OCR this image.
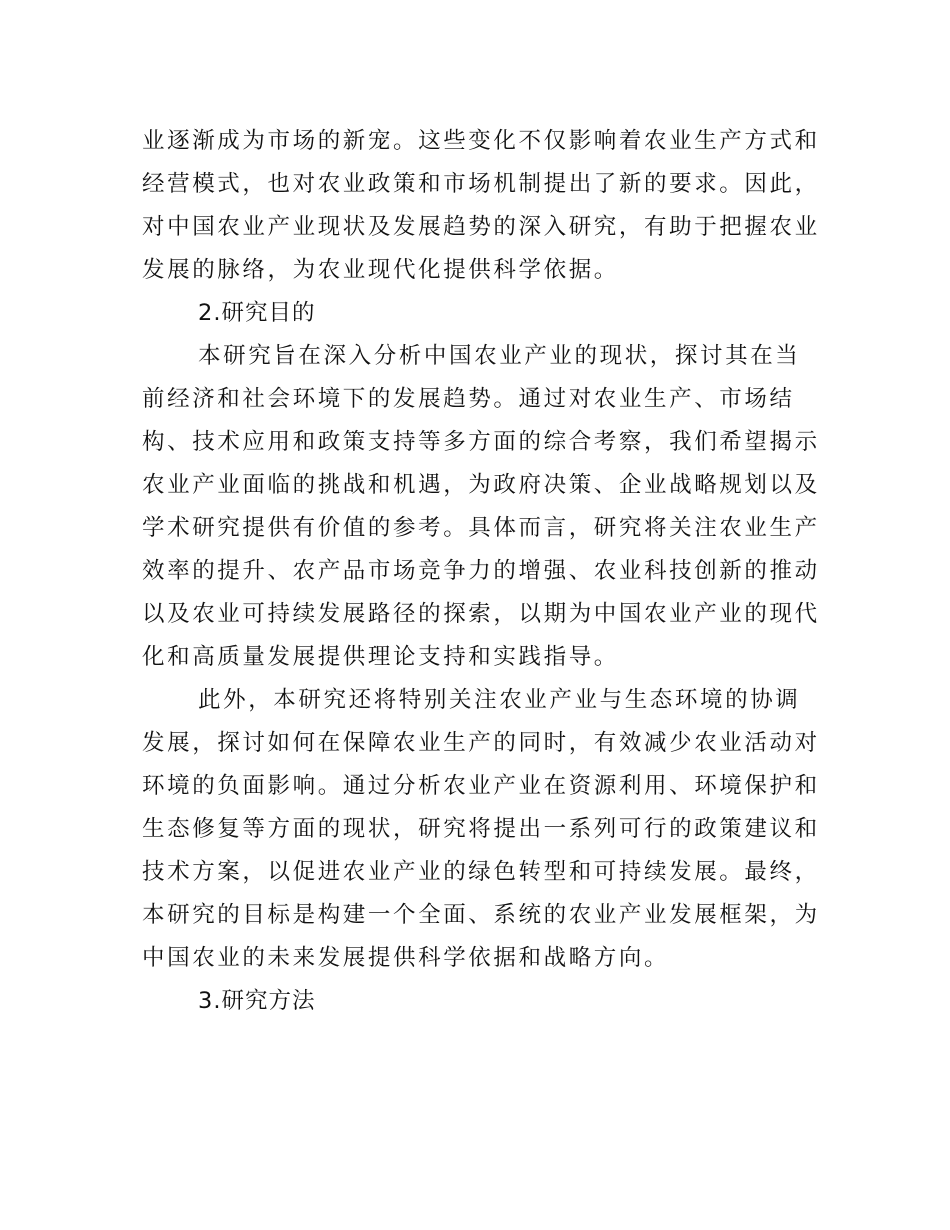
业逐渐成为市场的新宠。这些变化不仅影响着农业生产方式和
经营模式，也对农业政策和市场机制提出了新的要求。因此，
对中国农业产业现状及发展趋势的深入研究，有助于把握农业
发展的脉络，为农业现代化提供科学依据。
2.研究目的
本研究旨在深入分析中国农业产业的现状，探讨其在当
前经济和社会环境下的发展趋势。通过对农业生产、市场结
构、技术应用和政策支持等多方面的综合考察，我们希望揭示
农业产业面临的挑战和机遇，为政府决策、企业战略规划以及
学术研究提供有价值的参考。具体而言，研究将关注农业生产
效率的提升、农产品市场竞争力的增强、农业科技创新的推动
以及农业可持续发展路径的探索，以期为中国农业产业的现代
化和高质量发展提供理论支持和实践指导。
此外，本研究还将特别关注农业产业与生态环境的协调
发展，探讨如何在保障农业生产的同时，有效减少农业活动对
环境的负面影响。通过分析农业产业在资源利用、环境保护和
生态修复等方面的现状，研究将提出一系列可行的政策建议和
技术方案，以促进农业产业的绿色转型和可持续发展。最终，
本研究的目标是构建一个全面、系统的农业产业发展框架，为
中国农业的未来发展提供科学依据和战略方向。
3.研究方法
